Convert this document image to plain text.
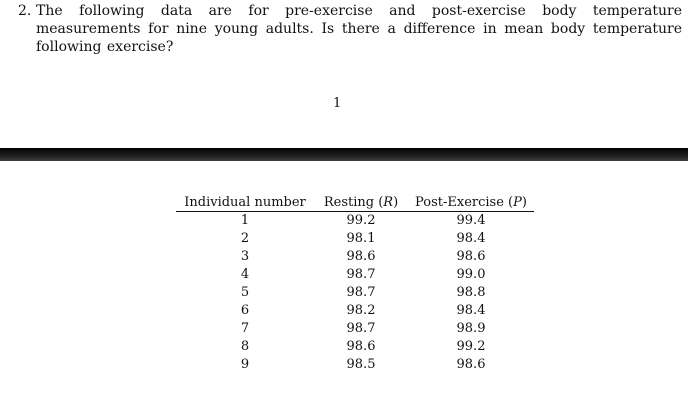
2. The following data are for pre-exercise and post-exercise body temperature measurements for nine young adults. Is there a difference in mean body temperature following exercise?
1
Individual number	Resting (R)	Post-Exercise (P)
1	99.2	99.4
2	98.1	98.4
3	98.6	98.6
4	98.7	99.0
5	98.7	98.8
6	98.2	98.4
7	98.7	98.9
8	98.6	99.2
9	98.5	98.6
